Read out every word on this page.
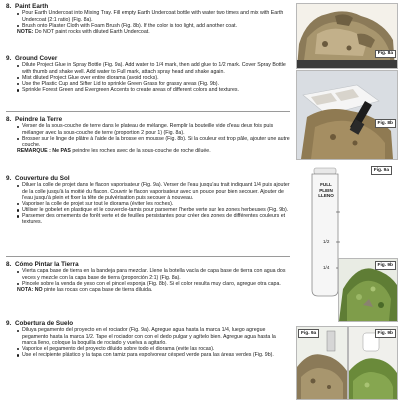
8. Paint Earth
Pour Earth Undercoat into Mixing Tray. Fill empty Earth Undercoat bottle with water two times and mix with Earth Undercoat (2:1 ratio) (Fig. 8a).
Brush onto Plaster Cloth with Foam Brush (Fig. 8b). If the color is too light, add another coat.
NOTE: Do NOT paint rocks with diluted Earth Undercoat.
9. Ground Cover
Dilute Project Glue in Spray Bottle (Fig. 9a). Add water to 1/4 mark, then add glue to 1/2 mark. Cover Spray Bottle with thumb and shake well. Add water to Full mark, attach spray head and shake again.
Mist diluted Project Glue over entire diorama (avoid rocks).
Use the Plastic Cup and Sifter Lid to sprinkle Green Grass for grassy areas (Fig. 9b).
Sprinkle Forest Green and Evergreen Accents to create areas of different colors and textures.
8. Peindre la Terre
Verser de la sous-couche de terre dans le plateau de mélange. Remplir la bouteille vide d'eau deux fois puis mélanger avec la sous-couche de terre (proportion 2 pour 1) (Fig. 8a).
Brosser sur le linge de plâtre à l'aide de la brosse en mousse (Fig. 8b). Si la couleur est trop pâle, ajouter une autre couche.
REMARQUE : Ne PAS peindre les roches avec de la sous-couche de roche diluée.
9. Couverture du Sol
Diluer la colle de projet dans le flacon vaporisateur (Fig. 9a). Verser de l'eau jusqu'au trait indiquant 1/4 puis ajouter de la colle jusqu'à la moitié du flacon. Couvrir le flacon vaporisateur avec un pouce pour bien secouer. Ajouter de l'eau jusqu'à plein et fixer la tête de pulvérisation puis secouer à nouveau.
Vaporiser la colle de projet sur tout le diorama (éviter les roches).
Utiliser le gobelet en plastique et le couvercle-tamis pour parsemer l'herbe verte sur les zones herbeuses (Fig. 9b).
Parsemer des ornements de forêt verte et de feuilles persistantes pour créer des zones de différentes couleurs et textures.
8. Cómo Pintar la Tierra
Vierta capa base de tierra en la bandeja para mezclar. Llene la botella vacía de capa base de tierra con agua dos veces y mezcle con la capa base de tierra (proporción 2:1) (Fig. 8a).
Pincele sobre la venda de yeso con el pincel esponja (Fig. 8b). Si el color resulta muy claro, agregue otra capa.
NOTA: NO pinte las rocas con capa base de tierra diluida.
9. Cobertura de Suelo
Diluya pegamento del proyecto en el rociador (Fig. 9a). Agregue agua hasta la marca 1/4, luego agregue pegamento hasta la marca 1/2. Tape el rociador con con el dedo pulgar y agítelo bien. Agregue agua hasta la marca lleno, coloque la boquilla de rociado y vuelva a agitarlo.
Vaporice el pegamento del proyecto diluido sobre todo el diorama (evite las rocas).
Use el recipiente plástico y la tapa con tamiz para espolvorear césped verde para las áreas verdes (Fig. 9b).
Fig. 8a
Fig. 8b
FULL
PLEIN
LLENO
1/2
1/4
Fig. 9a
Fig. 9b
Fig. 9a	Fig. 9b
